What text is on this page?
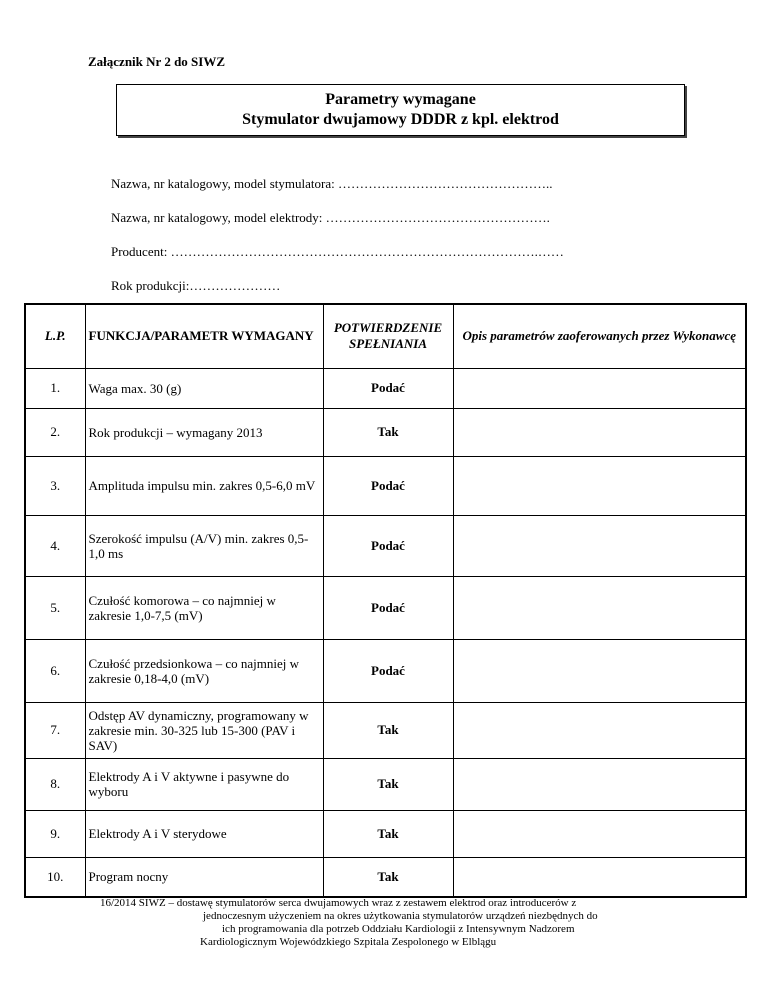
Załącznik Nr 2 do SIWZ
Parametry wymagane
Stymulator dwujamowy DDDR z kpl. elektrod
Nazwa, nr katalogowy, model stymulatora: …………………………………………..
Nazwa, nr katalogowy, model elektrody: …………………………………………….
Producent: ………………………………………………………………………….……
Rok produkcji:…………………
L.P.	FUNKCJA/PARAMETR WYMAGANY	POTWIERDZENIE SPEŁNIANIA	Opis parametrów zaoferowanych przez Wykonawcę
1.	Waga max. 30 (g)	Podać	
2.	Rok produkcji – wymagany 2013	Tak	
3.	Amplituda impulsu min. zakres 0,5-6,0 mV	Podać	
4.	Szerokość impulsu (A/V) min. zakres 0,5-1,0 ms	Podać	
5.	Czułość komorowa – co najmniej w zakresie 1,0-7,5 (mV)	Podać	
6.	Czułość przedsionkowa – co najmniej w zakresie 0,18-4,0 (mV)	Podać	
7.	Odstęp AV dynamiczny, programowany w zakresie min. 30-325 lub 15-300 (PAV i SAV)	Tak	
8.	Elektrody A i V aktywne i pasywne do wyboru	Tak	
9.	Elektrody A i V sterydowe	Tak	
10.	Program nocny	Tak	
16/2014 SIWZ – dostawę stymulatorów serca dwujamowych wraz z zestawem elektrod oraz introducerów z
jednoczesnym użyczeniem na okres użytkowania stymulatorów urządzeń niezbędnych do
ich programowania dla potrzeb Oddziału Kardiologii z Intensywnym Nadzorem
Kardiologicznym Wojewódzkiego Szpitala Zespolonego w Elblągu
